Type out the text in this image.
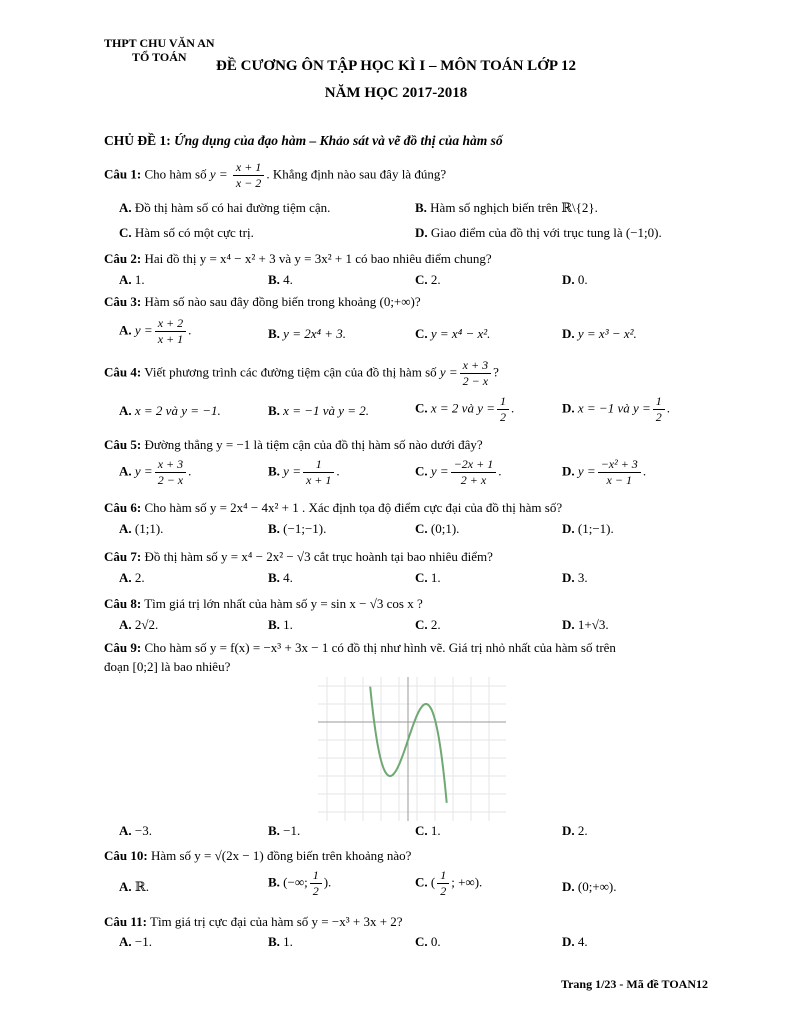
THPT CHU VĂN AN
TỔ TOÁN
ĐỀ CƯƠNG ÔN TẬP HỌC KÌ I – MÔN TOÁN LỚP 12
NĂM HỌC 2017-2018
CHỦ ĐỀ 1: Ứng dụng của đạo hàm – Khảo sát và vẽ đồ thị của hàm số
Câu 1: Cho hàm số $y = \frac{x + 1}{x - 2}$ . Khẳng định nào sau đây là đúng?
A. Đồ thị hàm số có hai đường tiệm cận.	B. Hàm số nghịch biến trên ℝ\{2}.
C. Hàm số có một cực trị.	D. Giao điểm của đồ thị với trục tung là (−1;0).
Câu 2: Hai đồ thị y = x⁴ − x² + 3 và y = 3x² + 1 có bao nhiêu điểm chung?
A. 1.	B. 4.	C. 2.	D. 0.
Câu 3: Hàm số nào sau đây đồng biến trong khoảng (0;+∞)?
A. $y = \frac{x + 2}{x + 1}$ .	B. y = 2x⁴ + 3.	C. y = x⁴ − x².	D. y = x³ − x².
Câu 4: Viết phương trình các đường tiệm cận của đồ thị hàm số $y = \frac{x + 3}{2 - x}$ ?
A. x = 2 và y = −1.	B. x = −1 và y = 2.	C. x = 2 và $y = \frac{1}{2}$ .	D. x = −1 và $y = \frac{1}{2}$ .
Câu 5: Đường thẳng y = −1 là tiệm cận của đồ thị hàm số nào dưới đây?
A. $y = \frac{x + 3}{2 - x}$ .	B. $y = \frac{1}{x + 1}$ .	C. $y = \frac{-2x + 1}{2 + x}$ .	D. $y = \frac{\text{−x² + 3}}{x - 1}$ .
Câu 6: Cho hàm số y = 2x⁴ − 4x² + 1 . Xác định tọa độ điểm cực đại của đồ thị hàm số?
A. (1;1).	B. (−1;−1).	C. (0;1).	D. (1;−1).
Câu 7: Đồ thị hàm số y = x⁴ − 2x² − √3 cắt trục hoành tại bao nhiêu điểm?
A. 2.	B. 4.	C. 1.	D. 3.
Câu 8: Tìm giá trị lớn nhất của hàm số y = sin x − √3 cos x ?
A. 2√2.	B. 1.	C. 2.	D. 1+√3.
Câu 9: Cho hàm số y = f(x) = −x³ + 3x − 1 có đồ thị như hình vẽ. Giá trị nhỏ nhất của hàm số trên
đoạn [0;2] là bao nhiêu?
A. −3.	B. −1.	C. 1.	D. 2.
Câu 10: Hàm số y = √(2x − 1) đồng biến trên khoảng nào?
A. ℝ.	B. (−∞; $\frac{1}{2}$ ).	C. ( $\frac{1}{2}$ ; +∞).	D. (0;+∞).
Câu 11: Tìm giá trị cực đại của hàm số y = −x³ + 3x + 2?
A. −1.	B. 1.	C. 0.	D. 4.
Trang 1/23 - Mã đề TOAN12
